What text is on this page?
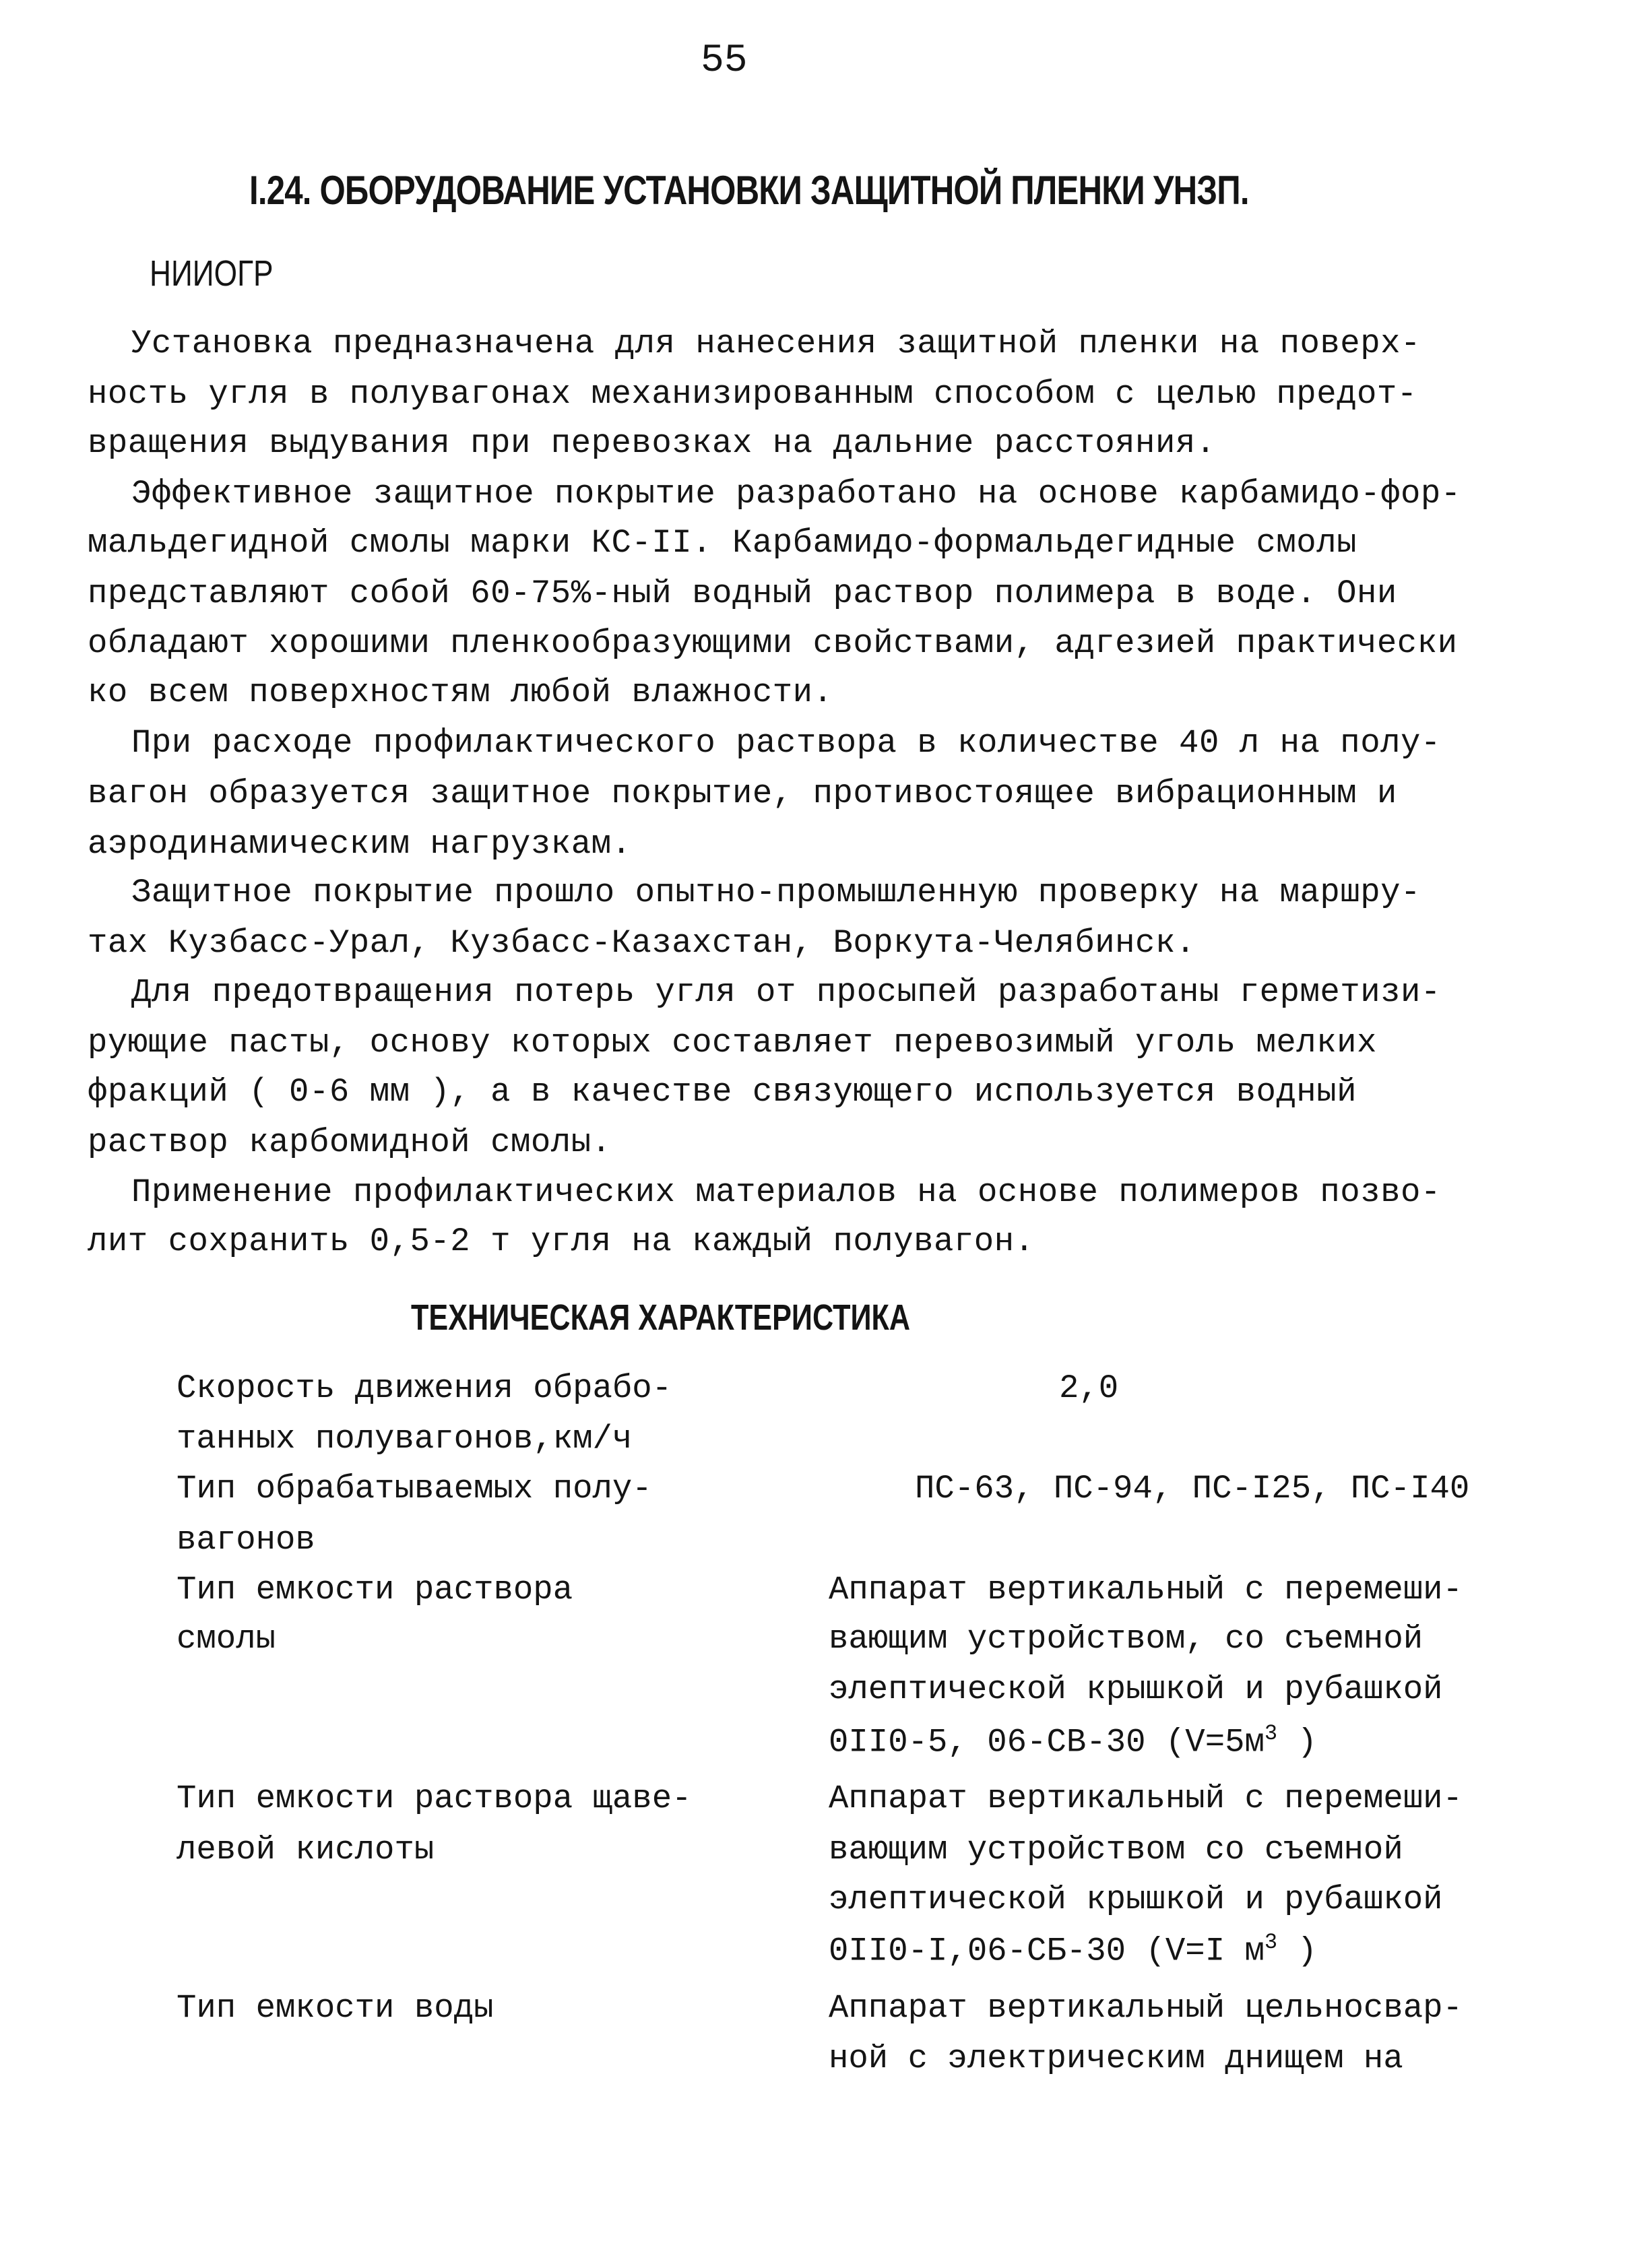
55
I.24. ОБОРУДОВАНИЕ УСТАНОВКИ ЗАЩИТНОЙ ПЛЕНКИ УНЗП.
НИИОГР
Установка предназначена для нанесения защитной пленки на поверх-
ность угля в полувагонах механизированным способом с целью предот-
вращения выдувания при перевозках на дальние расстояния.
Эффективное защитное покрытие разработано на основе карбамидо-фор-
мальдегидной смолы марки КС-II. Карбамидо-формальдегидные смолы
представляют собой 60-75%-ный водный раствор полимера в воде. Они
обладают хорошими пленкообразующими свойствами, адгезией практически
ко всем поверхностям любой влажности.
При расходе профилактического раствора в количестве 40 л на полу-
вагон образуется защитное покрытие, противостоящее вибрационным и
аэродинамическим нагрузкам.
Защитное покрытие прошло опытно-промышленную проверку на маршру-
тах Кузбасс-Урал, Кузбасс-Казахстан, Воркута-Челябинск.
Для предотвращения потерь угля от просыпей разработаны герметизи-
рующие пасты, основу которых составляет перевозимый уголь мелких
фракций ( 0-6 мм ), а в качестве связующего используется водный
раствор карбомидной смолы.
Применение профилактических материалов на основе полимеров позво-
лит сохранить 0,5-2 т угля на каждый полувагон.
ТЕХНИЧЕСКАЯ ХАРАКТЕРИСТИКА
Скорость движения обрабо-
танных полувагонов,км/ч
2,0
Тип обрабатываемых полу-
вагонов
ПС-63, ПС-94, ПС-I25, ПС-I40
Тип емкости раствора
смолы
Аппарат вертикальный с перемеши-
вающим устройством, со съемной
элептической крышкой и рубашкой
0II0-5, 06-СВ-30 ($V=5м^3$ )
Тип емкости раствора щаве-
левой кислоты
Аппарат вертикальный с перемеши-
вающим устройством со съемной
элептической крышкой и рубашкой
0II0-I,06-СБ-30 (V=I $м^3$ )
Тип емкости воды	Аппарат вертикальный цельносвар-
ной с электрическим днищем на
